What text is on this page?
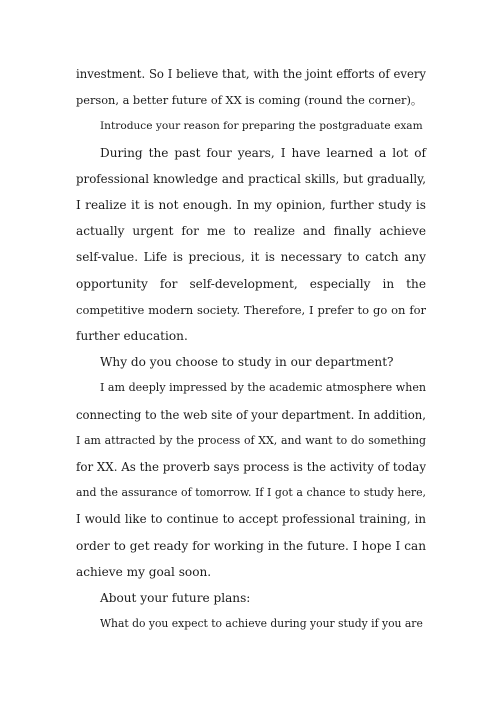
investment. So I believe that, with the joint efforts of every
person, a better future of XX is coming (round the corner)。
Introduce your reason for preparing the postgraduate exam
During the past four years, I have learned a lot of
professional knowledge and practical skills, but gradually,
I realize it is not enough. In my opinion, further study is
actually urgent for me to realize and finally achieve
self-value. Life is precious, it is necessary to catch any
opportunity for self-development, especially in the
competitive modern society. Therefore, I prefer to go on for
further education.
Why do you choose to study in our department?
I am deeply impressed by the academic atmosphere when
connecting to the web site of your department. In addition,
I am attracted by the process of XX, and want to do something
for XX. As the proverb says process is the activity of today
and the assurance of tomorrow. If I got a chance to study here,
I would like to continue to accept professional training, in
order to get ready for working in the future. I hope I can
achieve my goal soon.
About your future plans:
What do you expect to achieve during your study if you are
